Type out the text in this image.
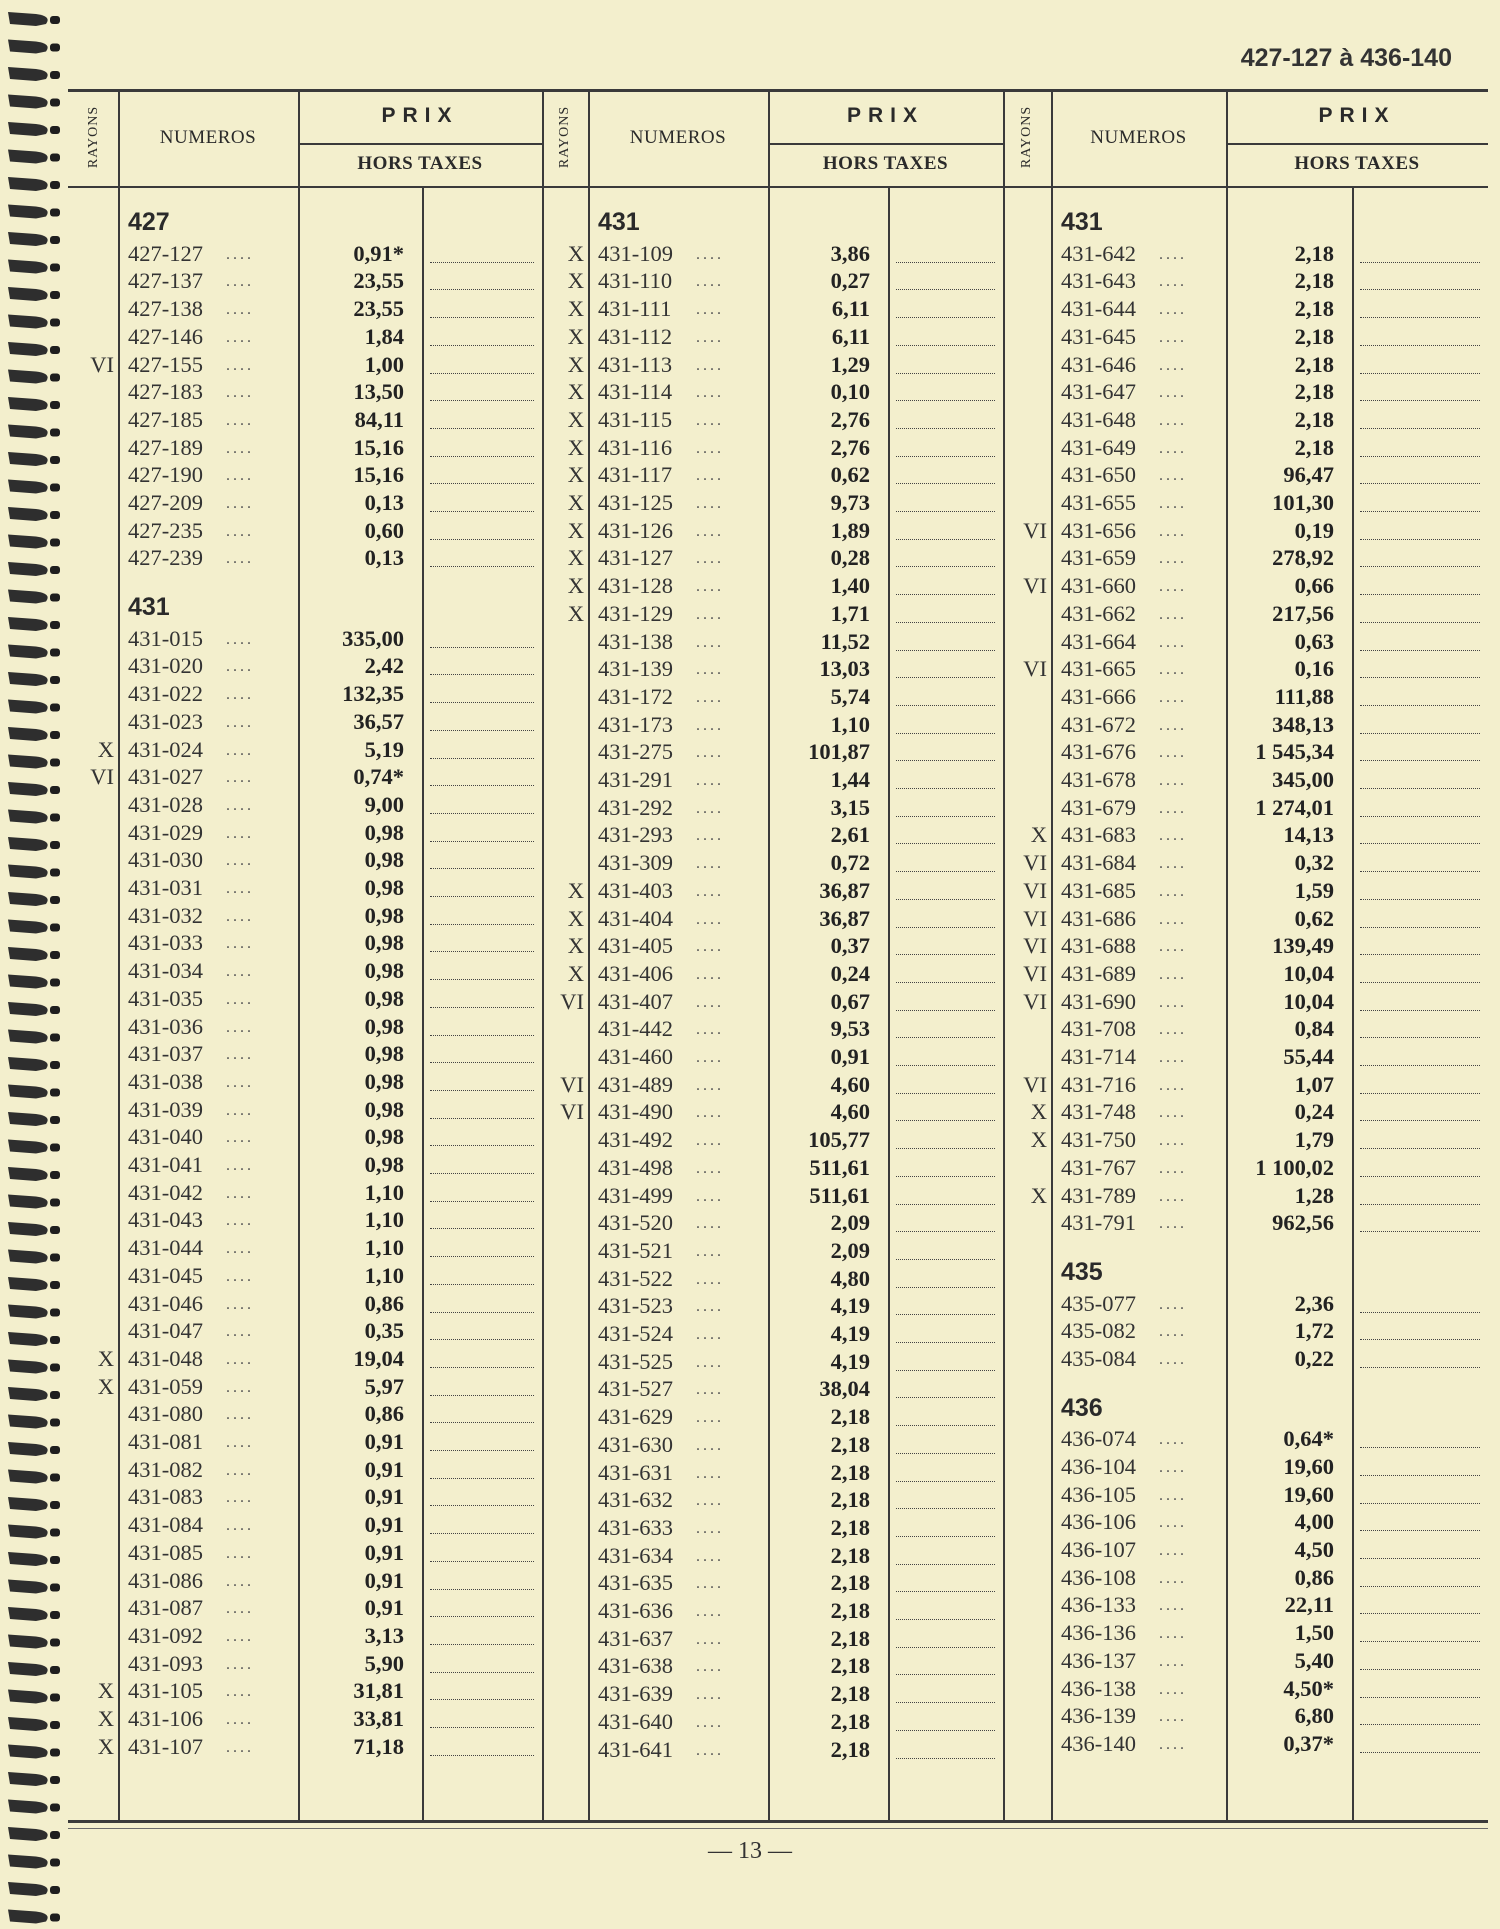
427-127 à 436-140
RAYONS	NUMEROS
PRIX
HORS TAXES
427
427-127 ....	0,91*
427-137 ....	23,55
427-138 ....	23,55
427-146 ....	1,84
VI 427-155 ....	1,00
427-183 ....	13,50
427-185 ....	84,11
427-189 ....	15,16
427-190 ....	15,16
427-209 ....	0,13
427-235 ....	0,60
427-239 ....	0,13
431
431-015 ....	335,00
431-020 ....	2,42
431-022 ....	132,35
431-023 ....	36,57
X 431-024 ....	5,19
VI 431-027 ....	0,74*
431-028 ....	9,00
431-029 ....	0,98
431-030 ....	0,98
431-031 ....	0,98
431-032 ....	0,98
431-033 ....	0,98
431-034 ....	0,98
431-035 ....	0,98
431-036 ....	0,98
431-037 ....	0,98
431-038 ....	0,98
431-039 ....	0,98
431-040 ....	0,98
431-041 ....	0,98
431-042 ....	1,10
431-043 ....	1,10
431-044 ....	1,10
431-045 ....	1,10
431-046 ....	0,86
431-047 ....	0,35
X 431-048 ....	19,04
X 431-059 ....	5,97
431-080 ....	0,86
431-081 ....	0,91
431-082 ....	0,91
431-083 ....	0,91
431-084 ....	0,91
431-085 ....	0,91
431-086 ....	0,91
431-087 ....	0,91
431-092 ....	3,13
431-093 ....	5,90
X 431-105 ....	31,81
X 431-106 ....	33,81
X 431-107 ....	71,18
RAYONS	NUMEROS
PRIX
HORS TAXES
431
X 431-109 ....	3,86
X 431-110 ....	0,27
X 431-111 ....	6,11
X 431-112 ....	6,11
X 431-113 ....	1,29
X 431-114 ....	0,10
X 431-115 ....	2,76
X 431-116 ....	2,76
X 431-117 ....	0,62
X 431-125 ....	9,73
X 431-126 ....	1,89
X 431-127 ....	0,28
X 431-128 ....	1,40
X 431-129 ....	1,71
431-138 ....	11,52
431-139 ....	13,03
431-172 ....	5,74
431-173 ....	1,10
431-275 ....	101,87
431-291 ....	1,44
431-292 ....	3,15
431-293 ....	2,61
431-309 ....	0,72
X 431-403 ....	36,87
X 431-404 ....	36,87
X 431-405 ....	0,37
X 431-406 ....	0,24
VI 431-407 ....	0,67
431-442 ....	9,53
431-460 ....	0,91
VI 431-489 ....	4,60
VI 431-490 ....	4,60
431-492 ....	105,77
431-498 ....	511,61
431-499 ....	511,61
431-520 ....	2,09
431-521 ....	2,09
431-522 ....	4,80
431-523 ....	4,19
431-524 ....	4,19
431-525 ....	4,19
431-527 ....	38,04
431-629 ....	2,18
431-630 ....	2,18
431-631 ....	2,18
431-632 ....	2,18
431-633 ....	2,18
431-634 ....	2,18
431-635 ....	2,18
431-636 ....	2,18
431-637 ....	2,18
431-638 ....	2,18
431-639 ....	2,18
431-640 ....	2,18
431-641 ....	2,18
RAYONS	NUMEROS
PRIX
HORS TAXES
431
431-642 ....	2,18
431-643 ....	2,18
431-644 ....	2,18
431-645 ....	2,18
431-646 ....	2,18
431-647 ....	2,18
431-648 ....	2,18
431-649 ....	2,18
431-650 ....	96,47
431-655 ....	101,30
VI 431-656 ....	0,19
431-659 ....	278,92
VI 431-660 ....	0,66
431-662 ....	217,56
431-664 ....	0,63
VI 431-665 ....	0,16
431-666 ....	111,88
431-672 ....	348,13
431-676 ....	1 545,34
431-678 ....	345,00
431-679 ....	1 274,01
X 431-683 ....	14,13
VI 431-684 ....	0,32
VI 431-685 ....	1,59
VI 431-686 ....	0,62
VI 431-688 ....	139,49
VI 431-689 ....	10,04
VI 431-690 ....	10,04
431-708 ....	0,84
431-714 ....	55,44
VI 431-716 ....	1,07
X 431-748 ....	0,24
X 431-750 ....	1,79
431-767 ....	1 100,02
X 431-789 ....	1,28
431-791 ....	962,56
435
435-077 ....	2,36
435-082 ....	1,72
435-084 ....	0,22
436
436-074 ....	0,64*
436-104 ....	19,60
436-105 ....	19,60
436-106 ....	4,00
436-107 ....	4,50
436-108 ....	0,86
436-133 ....	22,11
436-136 ....	1,50
436-137 ....	5,40
436-138 ....	4,50*
436-139 ....	6,80
436-140 ....	0,37*
— 13 —
